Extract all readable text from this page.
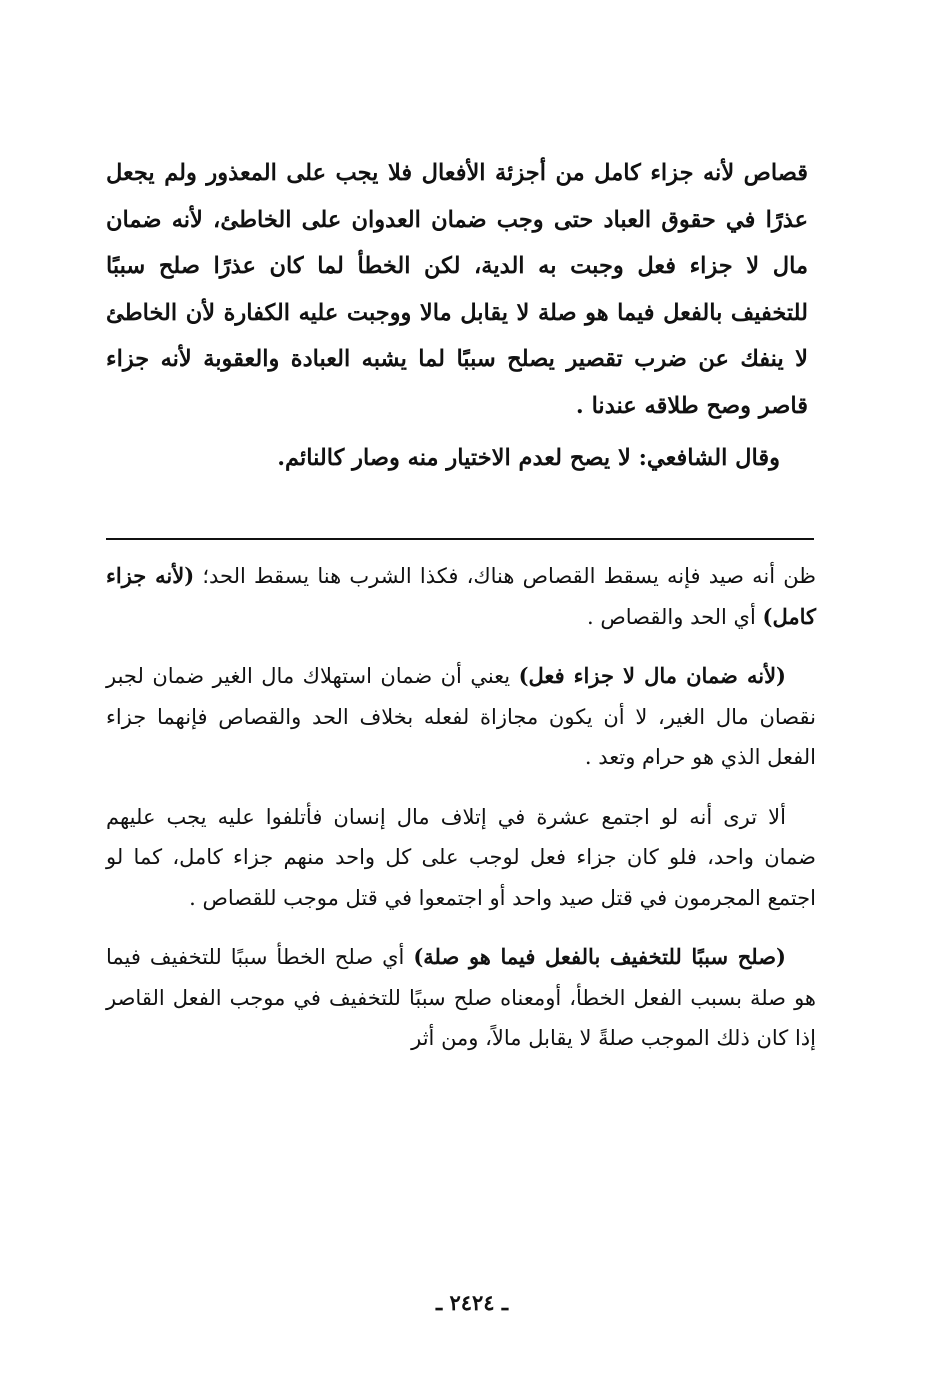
قصاص لأنه جزاء كامل من أجزئة الأفعال فلا يجب على المعذور ولم يجعل عذرًا في حقوق العباد حتى وجب ضمان العدوان على الخاطئ، لأنه ضمان مال لا جزاء فعل وجبت به الدية، لكن الخطأ لما كان عذرًا صلح سببًا للتخفيف بالفعل فيما هو صلة لا يقابل مالا ووجبت عليه الكفارة لأن الخاطئ لا ينفك عن ضرب تقصير يصلح سببًا لما يشبه العبادة والعقوبة لأنه جزاء قاصر وصح طلاقه عندنا .

وقال الشافعي: لا يصح لعدم الاختيار منه وصار كالنائم.

ظن أنه صيد فإنه يسقط القصاص هناك، فكذا الشرب هنا يسقط الحد؛ (لأنه جزاء كامل) أي الحد والقصاص .

(لأنه ضمان مال لا جزاء فعل) يعني أن ضمان استهلاك مال الغير ضمان لجبر نقصان مال الغير، لا أن يكون مجازاة لفعله بخلاف الحد والقصاص فإنهما جزاء الفعل الذي هو حرام وتعد .

ألا ترى أنه لو اجتمع عشرة في إتلاف مال إنسان فأتلفوا عليه يجب عليهم ضمان واحد، فلو كان جزاء فعل لوجب على كل واحد منهم جزاء كامل، كما لو اجتمع المجرمون في قتل صيد واحد أو اجتمعوا في قتل موجب للقصاص .

(صلح سببًا للتخفيف بالفعل فيما هو صلة) أي صلح الخطأ سببًا للتخفيف فيما هو صلة بسبب الفعل الخطأ، أومعناه صلح سببًا للتخفيف في موجب الفعل القاصر إذا كان ذلك الموجب صلةً لا يقابل مالاً، ومن أثر

ـ ٢٤٢٤ ـ
